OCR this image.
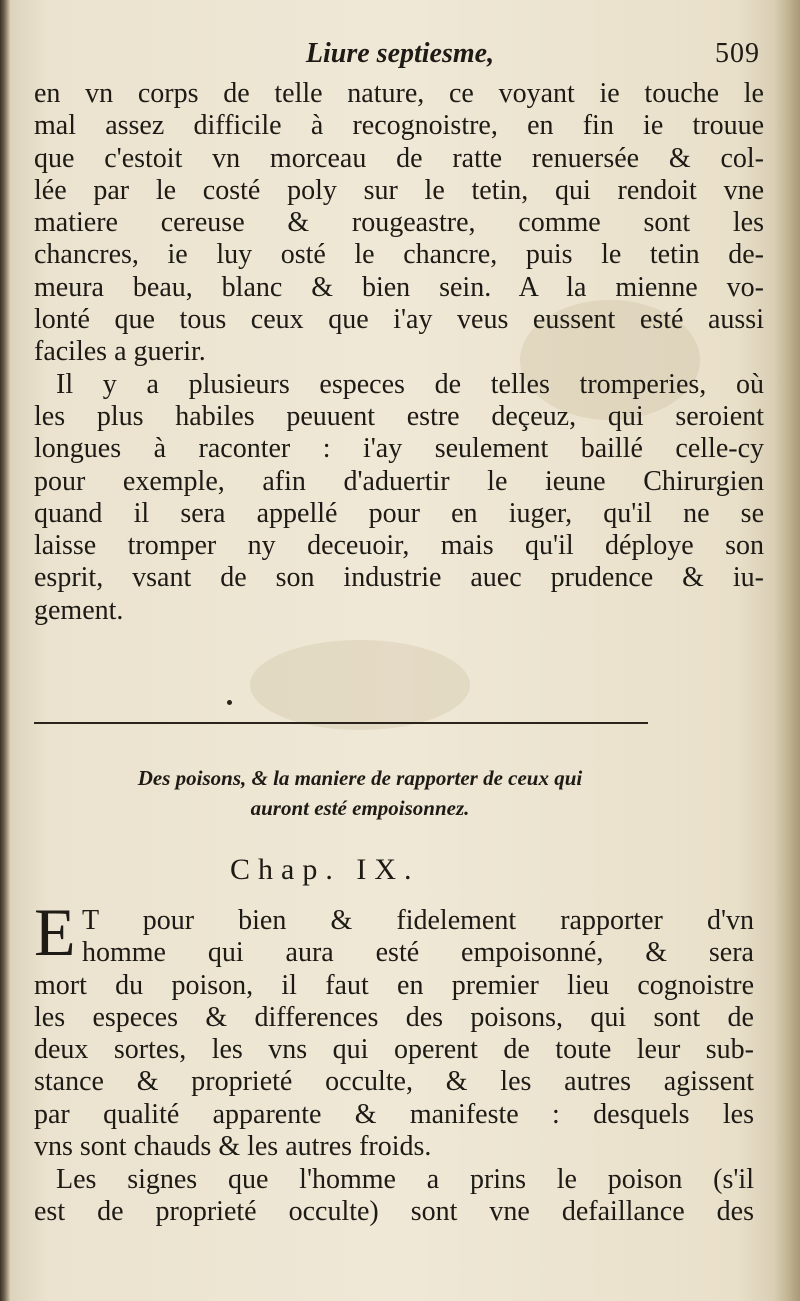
Liure septiesme,	509
en vn corps de telle nature, ce voyant ie touche le
mal assez difficile à recognoistre, en fin ie trouue
que c'estoit vn morceau de ratte renuersée & col-
lée par le costé poly sur le tetin, qui rendoit vne
matiere cereuse & rougeastre, comme sont les
chancres, ie luy osté le chancre, puis le tetin de-
meura beau, blanc & bien sein. A la mienne vo-
lonté que tous ceux que i'ay veus eussent esté aussi
faciles a guerir.
Il y a plusieurs especes de telles tromperies, où
les plus habiles peuuent estre deçeuz, qui seroient
longues à raconter : i'ay seulement baillé celle-cy
pour exemple, afin d'aduertir le ieune Chirurgien
quand il sera appellé pour en iuger, qu'il ne se
laisse tromper ny deceuoir, mais qu'il déploye son
esprit, vsant de son industrie auec prudence & iu-
gement.
Des poisons, & la maniere de rapporter de ceux qui
auront esté empoisonnez.
Chap. IX.
E T pour bien & fidelement rapporter d'vn
homme qui aura esté empoisonné, & sera
mort du poison, il faut en premier lieu cognoistre
les especes & differences des poisons, qui sont de
deux sortes, les vns qui operent de toute leur sub-
stance & proprieté occulte, & les autres agissent
par qualité apparente & manifeste : desquels les
vns sont chauds & les autres froids.
Les signes que l'homme a prins le poison (s'il
est de proprieté occulte) sont vne defaillance des
